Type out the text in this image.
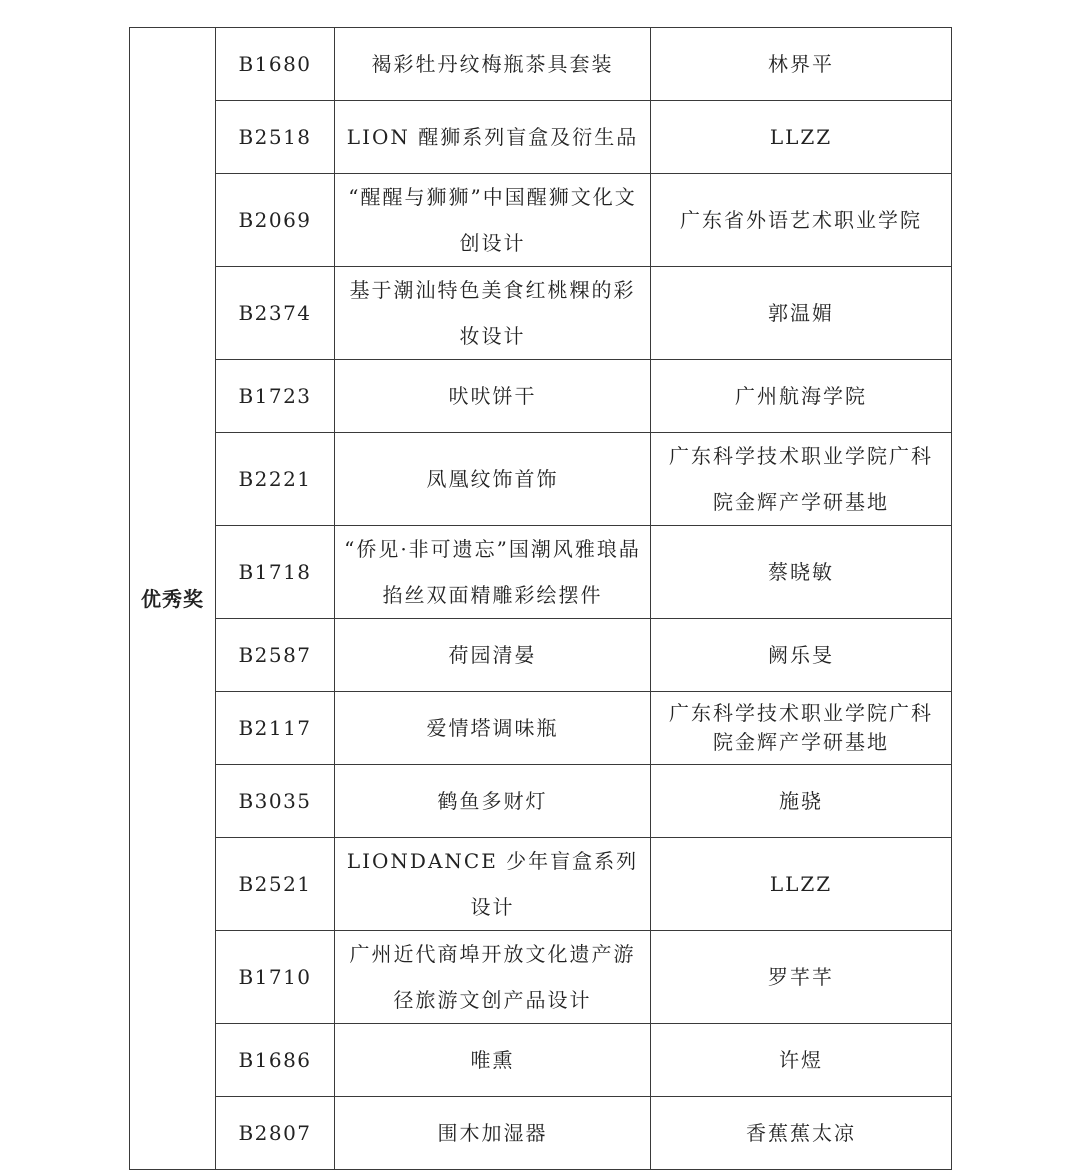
优秀奖	B1680	褐彩牡丹纹梅瓶茶具套装	林界平
	B2518	LION 醒狮系列盲盒及衍生品	LLZZ
	B2069	“醒醒与狮狮”中国醒狮文化文创设计	广东省外语艺术职业学院
	B2374	基于潮汕特色美食红桃粿的彩妆设计	郭温媚
	B1723	吠吠饼干	广州航海学院
	B2221	凤凰纹饰首饰	广东科学技术职业学院广科院金辉产学研基地
	B1718	“侨见·非可遗忘”国潮风雅琅晶掐丝双面精雕彩绘摆件	蔡晓敏
	B2587	荷园清晏	阙乐旻
	B2117	爱情塔调味瓶	广东科学技术职业学院广科院金辉产学研基地
	B3035	鹤鱼多财灯	施骁
	B2521	LIONDANCE 少年盲盒系列设计	LLZZ
	B1710	广州近代商埠开放文化遗产游径旅游文创产品设计	罗芊芊
	B1686	唯熏	许煜
	B2807	围木加湿器	香蕉蕉太凉
